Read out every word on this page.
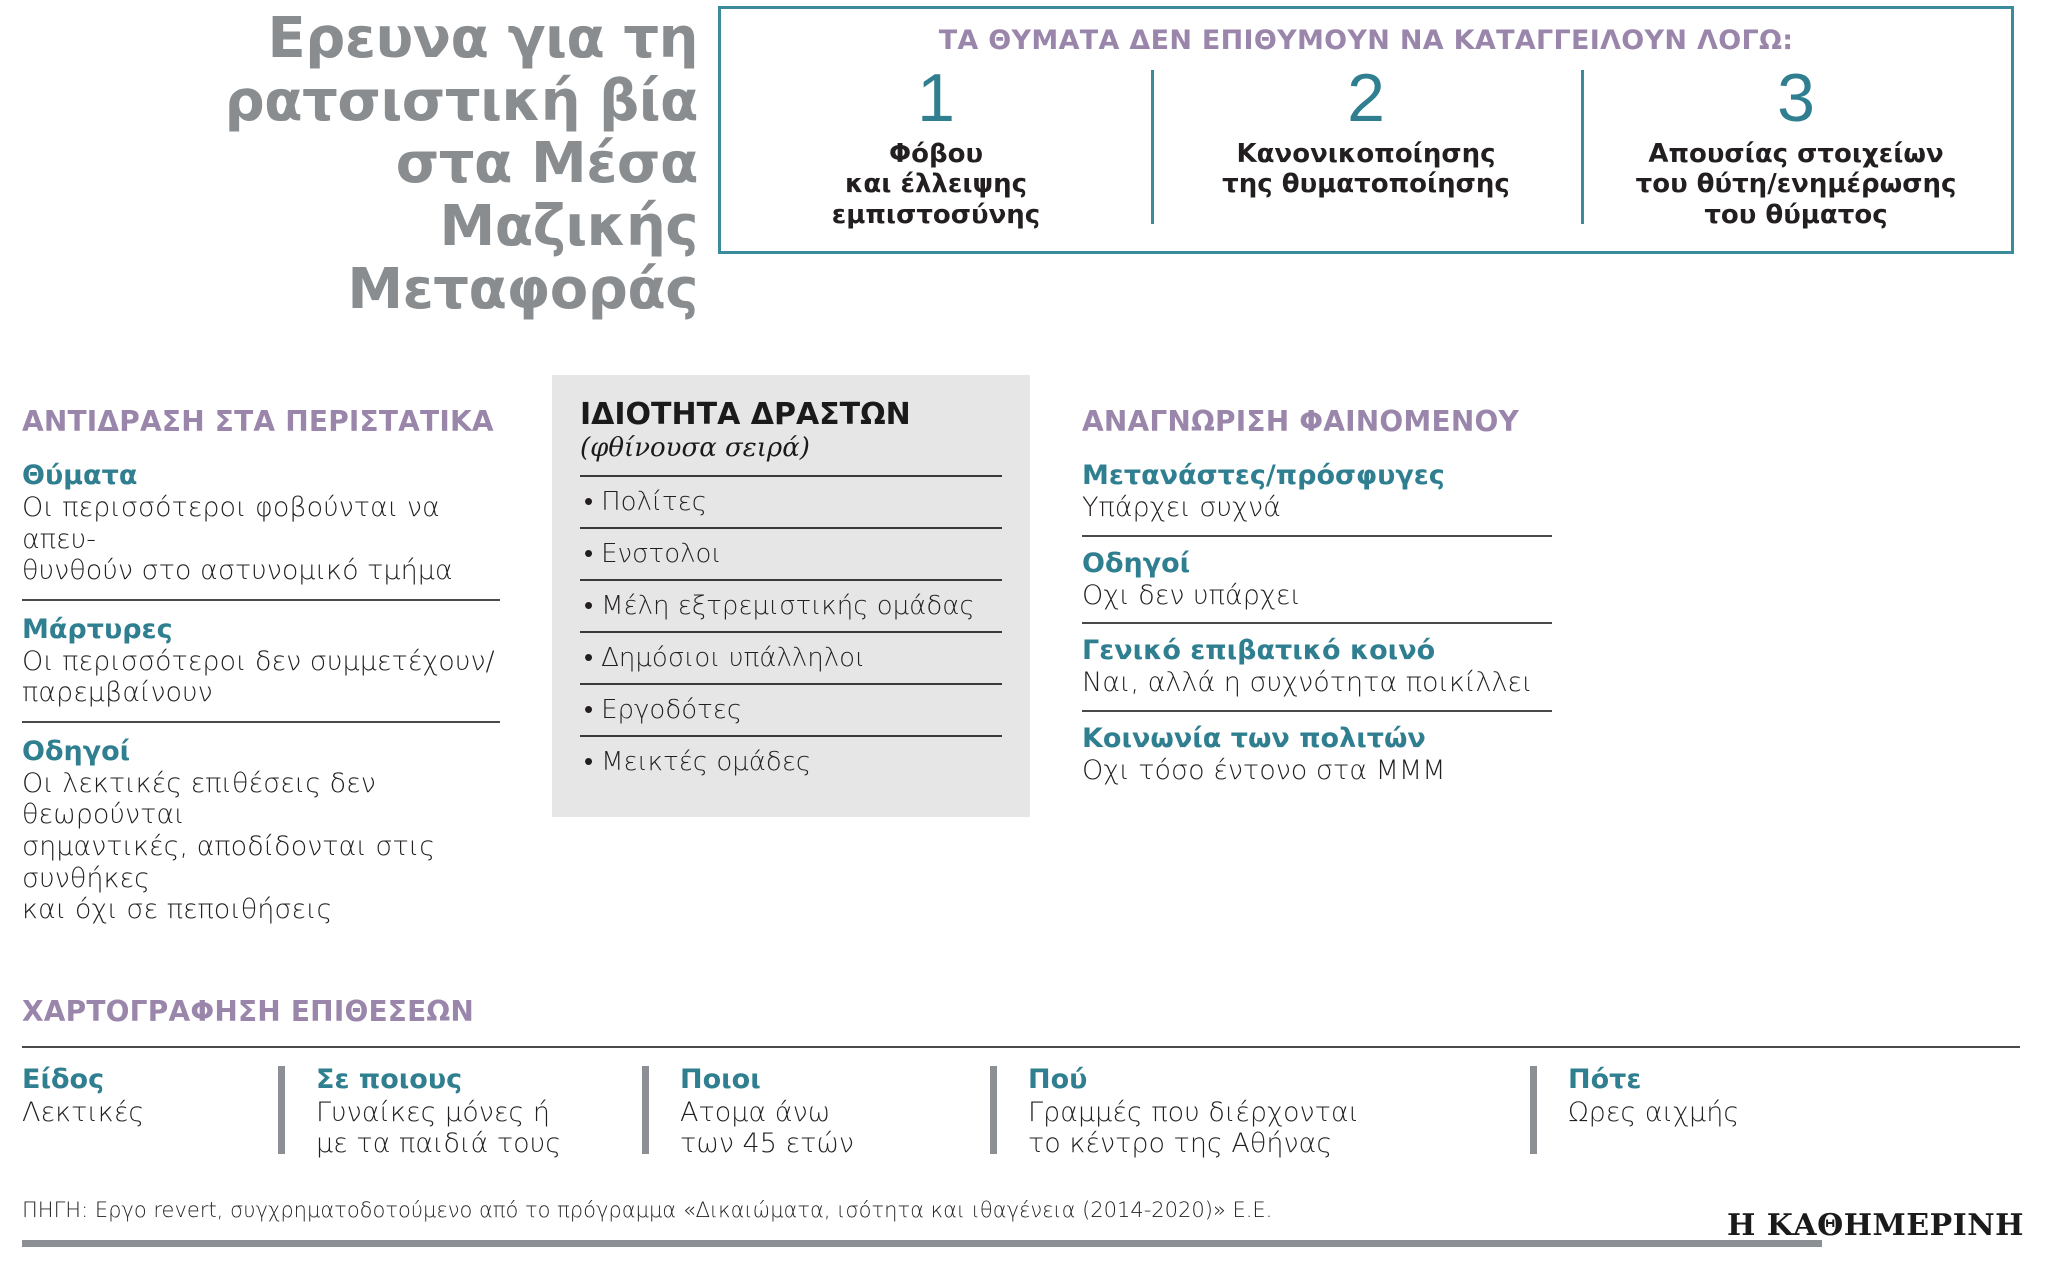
Ερευνα για τη
ρατσιστική βία
στα Μέσα Μαζικής
Μεταφοράς
ΤΑ ΘΥΜΑΤΑ ΔΕΝ ΕΠΙΘΥΜΟΥΝ ΝΑ ΚΑΤΑΓΓΕΙΛΟΥΝ ΛΟΓΩ:
1
Φόβου
και έλλειψης
εμπιστοσύνης
2
Κανονικοποίησης
της θυματοποίησης
3
Απουσίας στοιχείων
του θύτη/ενημέρωσης
του θύματος
ΑΝΤΙΔΡΑΣΗ ΣΤΑ ΠΕΡΙΣΤΑΤΙΚΑ
Θύματα
Οι περισσότεροι φοβούνται να απευ-
θυνθούν στο αστυνομικό τμήμα
Μάρτυρες
Οι περισσότεροι δεν συμμετέχουν/
παρεμβαίνουν
Οδηγοί
Οι λεκτικές επιθέσεις δεν θεωρούνται
σημαντικές, αποδίδονται στις συνθήκες
και όχι σε πεποιθήσεις
ΙΔΙΟΤΗΤΑ ΔΡΑΣΤΩΝ
(φθίνουσα σειρά)
• Πολίτες
• Ενστολοι
• Μέλη εξτρεμιστικής ομάδας
• Δημόσιοι υπάλληλοι
• Εργοδότες
• Μεικτές ομάδες
ΑΝΑΓΝΩΡΙΣΗ ΦΑΙΝΟΜΕΝΟΥ
Μετανάστες/πρόσφυγες
Υπάρχει συχνά
Οδηγοί
Οχι δεν υπάρχει
Γενικό επιβατικό κοινό
Ναι, αλλά η συχνότητα ποικίλλει
Κοινωνία των πολιτών
Οχι τόσο έντονο στα ΜΜΜ
ΧΑΡΤΟΓΡΑΦΗΣΗ ΕΠΙΘΕΣΕΩΝ
Είδος
Λεκτικές
Σε ποιους
Γυναίκες μόνες ή
με τα παιδιά τους
Ποιοι
Ατομα άνω
των 45 ετών
Πού
Γραμμές που διέρχονται
το κέντρο της Αθήνας
Πότε
Ωρες αιχμής
ΠΗΓΗ: Εργο revert, συγχρηματοδοτούμενο από το πρόγραμμα «Δικαιώματα, ισότητα και ιθαγένεια (2014-2020)» Ε.Ε.	Η ΚΑΘΗΜΕΡΙΝΗ
